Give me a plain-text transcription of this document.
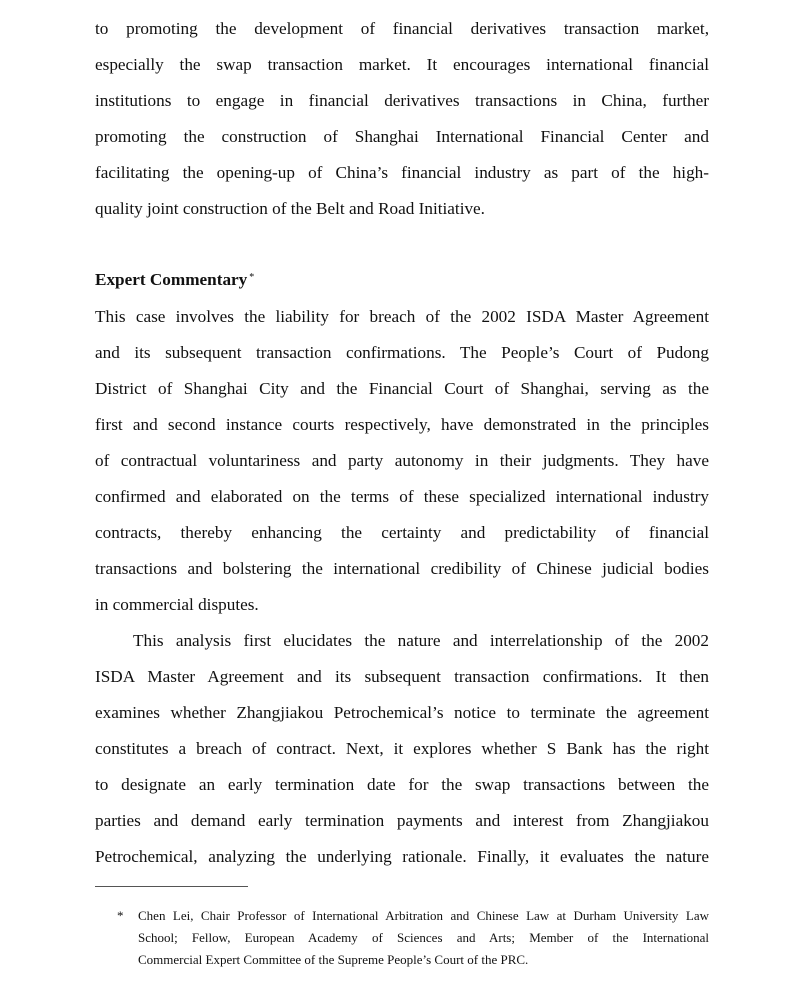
to promoting the development of financial derivatives transaction market,
especially the swap transaction market. It encourages international financial
institutions to engage in financial derivatives transactions in China, further
promoting the construction of Shanghai International Financial Center and
facilitating the opening-up of China’s financial industry as part of the high-
quality joint construction of the Belt and Road Initiative.
Expert Commentary *
This case involves the liability for breach of the 2002 ISDA Master Agreement
and its subsequent transaction confirmations. The People’s Court of Pudong
District of Shanghai City and the Financial Court of Shanghai, serving as the
first and second instance courts respectively, have demonstrated in the principles
of contractual voluntariness and party autonomy in their judgments. They have
confirmed and elaborated on the terms of these specialized international industry
contracts, thereby enhancing the certainty and predictability of financial
transactions and bolstering the international credibility of Chinese judicial bodies
in commercial disputes.
This analysis first elucidates the nature and interrelationship of the 2002
ISDA Master Agreement and its subsequent transaction confirmations. It then
examines whether Zhangjiakou Petrochemical’s notice to terminate the agreement
constitutes a breach of contract. Next, it explores whether S Bank has the right
to designate an early termination date for the swap transactions between the
parties and demand early termination payments and interest from Zhangjiakou
Petrochemical, analyzing the underlying rationale. Finally, it evaluates the nature
* Chen Lei, Chair Professor of International Arbitration and Chinese Law at Durham University Law
School; Fellow, European Academy of Sciences and Arts; Member of the International
Commercial Expert Committee of the Supreme People’s Court of the PRC.
